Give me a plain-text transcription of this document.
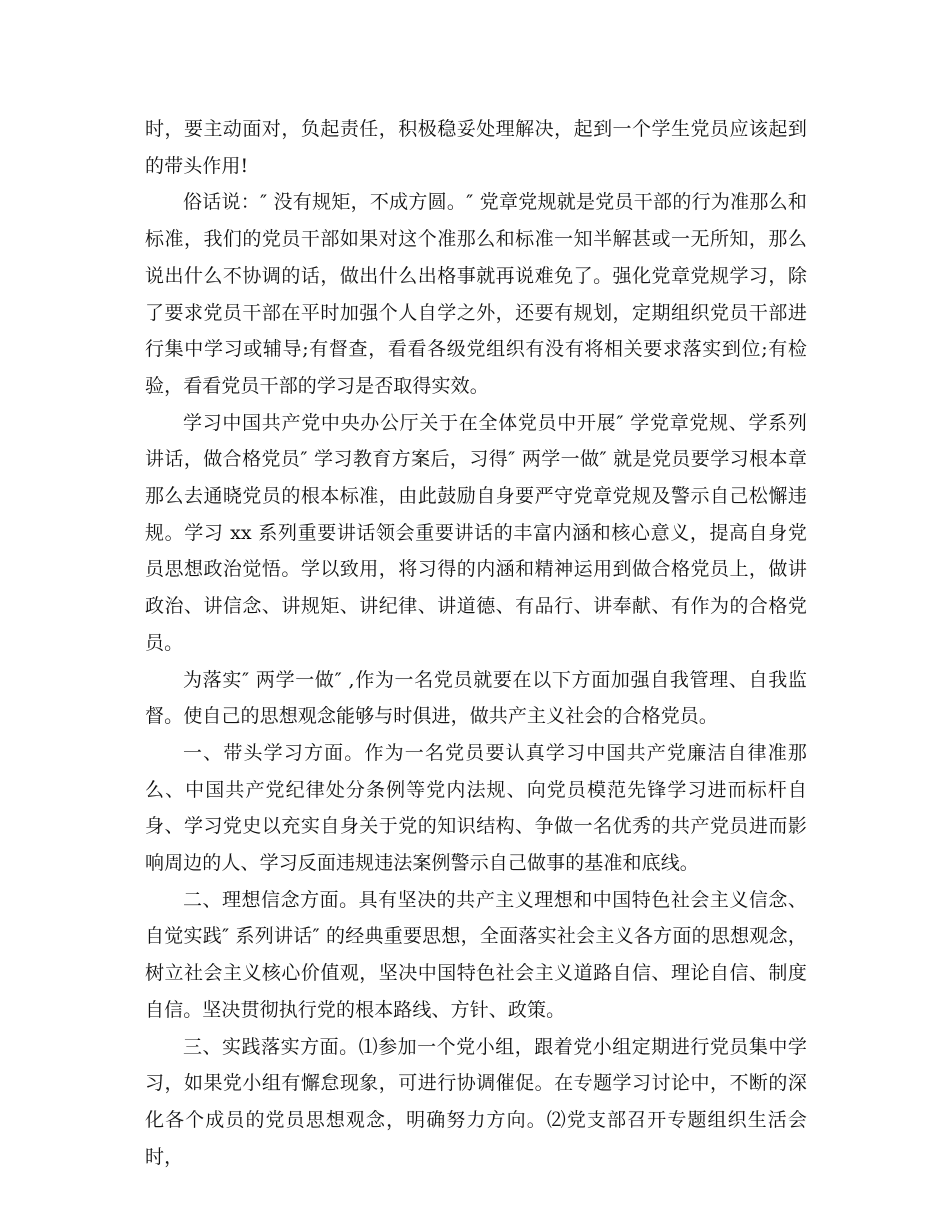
时，要主动面对，负起责任，积极稳妥处理解决，起到一个学生党员应该起到的带头作用!

俗话说：″ 没有规矩，不成方圆。″ 党章党规就是党员干部的行为准那么和标准，我们的党员干部如果对这个准那么和标准一知半解甚或一无所知，那么说出什么不协调的话，做出什么出格事就再说难免了。强化党章党规学习，除了要求党员干部在平时加强个人自学之外，还要有规划，定期组织党员干部进行集中学习或辅导;有督查，看看各级党组织有没有将相关要求落实到位;有检验，看看党员干部的学习是否取得实效。

学习中国共产党中央办公厅关于在全体党员中开展″ 学党章党规、学系列讲话，做合格党员″ 学习教育方案后，习得″ 两学一做″ 就是党员要学习根本章那么去通晓党员的根本标准，由此鼓励自身要严守党章党规及警示自己松懈违规。学习 xx 系列重要讲话领会重要讲话的丰富内涵和核心意义，提高自身党员思想政治觉悟。学以致用，将习得的内涵和精神运用到做合格党员上，做讲政治、讲信念、讲规矩、讲纪律、讲道德、有品行、讲奉献、有作为的合格党员。

为落实″ 两学一做″ ,作为一名党员就要在以下方面加强自我管理、自我监督。使自己的思想观念能够与时俱进，做共产主义社会的合格党员。

一、带头学习方面。作为一名党员要认真学习中国共产党廉洁自律准那么、中国共产党纪律处分条例等党内法规、向党员模范先锋学习进而标杆自身、学习党史以充实自身关于党的知识结构、争做一名优秀的共产党员进而影响周边的人、学习反面违规违法案例警示自己做事的基准和底线。

二、理想信念方面。具有坚决的共产主义理想和中国特色社会主义信念、自觉实践″ 系列讲话″ 的经典重要思想，全面落实社会主义各方面的思想观念，树立社会主义核心价值观，坚决中国特色社会主义道路自信、理论自信、制度自信。坚决贯彻执行党的根本路线、方针、政策。

三、实践落实方面。⑴参加一个党小组，跟着党小组定期进行党员集中学习，如果党小组有懈怠现象，可进行协调催促。在专题学习讨论中，不断的深化各个成员的党员思想观念，明确努力方向。⑵党支部召开专题组织生活会时，
